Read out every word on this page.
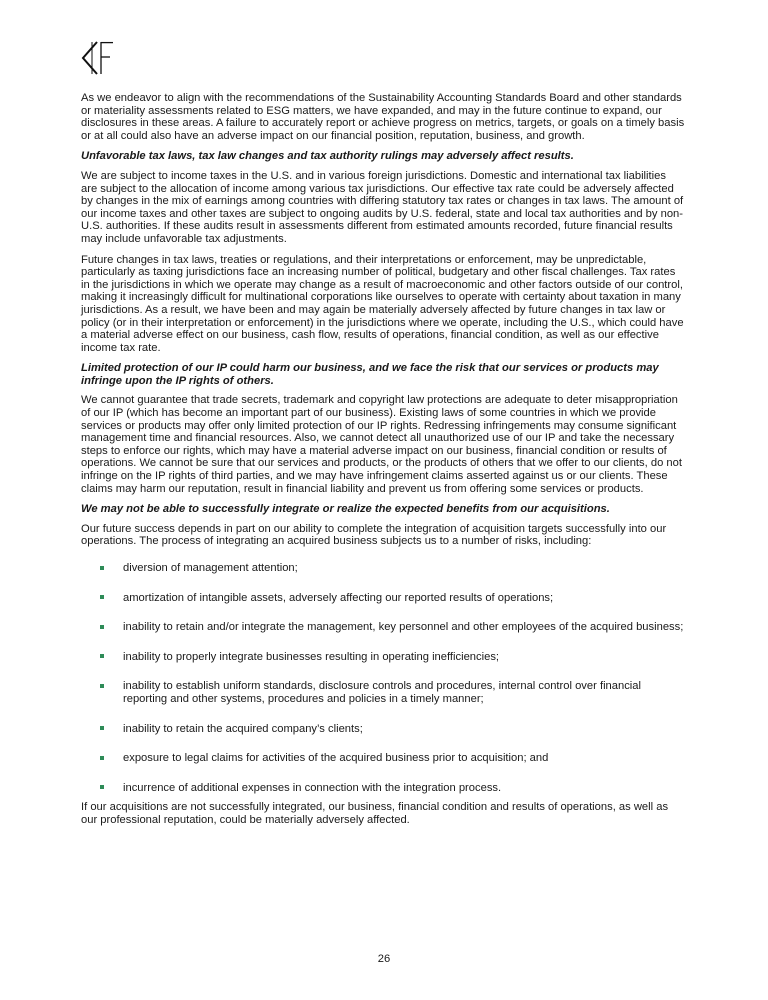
As we endeavor to align with the recommendations of the Sustainability Accounting Standards Board and other standards or materiality assessments related to ESG matters, we have expanded, and may in the future continue to expand, our disclosures in these areas. A failure to accurately report or achieve progress on metrics, targets, or goals on a timely basis or at all could also have an adverse impact on our financial position, reputation, business, and growth.

Unfavorable tax laws, tax law changes and tax authority rulings may adversely affect results.

We are subject to income taxes in the U.S. and in various foreign jurisdictions. Domestic and international tax liabilities are subject to the allocation of income among various tax jurisdictions. Our effective tax rate could be adversely affected by changes in the mix of earnings among countries with differing statutory tax rates or changes in tax laws. The amount of our income taxes and other taxes are subject to ongoing audits by U.S. federal, state and local tax authorities and by non-U.S. authorities. If these audits result in assessments different from estimated amounts recorded, future financial results may include unfavorable tax adjustments.

Future changes in tax laws, treaties or regulations, and their interpretations or enforcement, may be unpredictable, particularly as taxing jurisdictions face an increasing number of political, budgetary and other fiscal challenges. Tax rates in the jurisdictions in which we operate may change as a result of macroeconomic and other factors outside of our control, making it increasingly difficult for multinational corporations like ourselves to operate with certainty about taxation in many jurisdictions. As a result, we have been and may again be materially adversely affected by future changes in tax law or policy (or in their interpretation or enforcement) in the jurisdictions where we operate, including the U.S., which could have a material adverse effect on our business, cash flow, results of operations, financial condition, as well as our effective income tax rate.

Limited protection of our IP could harm our business, and we face the risk that our services or products may infringe upon the IP rights of others.

We cannot guarantee that trade secrets, trademark and copyright law protections are adequate to deter misappropriation of our IP (which has become an important part of our business). Existing laws of some countries in which we provide services or products may offer only limited protection of our IP rights. Redressing infringements may consume significant management time and financial resources. Also, we cannot detect all unauthorized use of our IP and take the necessary steps to enforce our rights, which may have a material adverse impact on our business, financial condition or results of operations. We cannot be sure that our services and products, or the products of others that we offer to our clients, do not infringe on the IP rights of third parties, and we may have infringement claims asserted against us or our clients. These claims may harm our reputation, result in financial liability and prevent us from offering some services or products.

We may not be able to successfully integrate or realize the expected benefits from our acquisitions.

Our future success depends in part on our ability to complete the integration of acquisition targets successfully into our operations. The process of integrating an acquired business subjects us to a number of risks, including:

diversion of management attention;
amortization of intangible assets, adversely affecting our reported results of operations;
inability to retain and/or integrate the management, key personnel and other employees of the acquired business;
inability to properly integrate businesses resulting in operating inefficiencies;
inability to establish uniform standards, disclosure controls and procedures, internal control over financial reporting and other systems, procedures and policies in a timely manner;
inability to retain the acquired company’s clients;
exposure to legal claims for activities of the acquired business prior to acquisition; and
incurrence of additional expenses in connection with the integration process.

If our acquisitions are not successfully integrated, our business, financial condition and results of operations, as well as our professional reputation, could be materially adversely affected.

26
